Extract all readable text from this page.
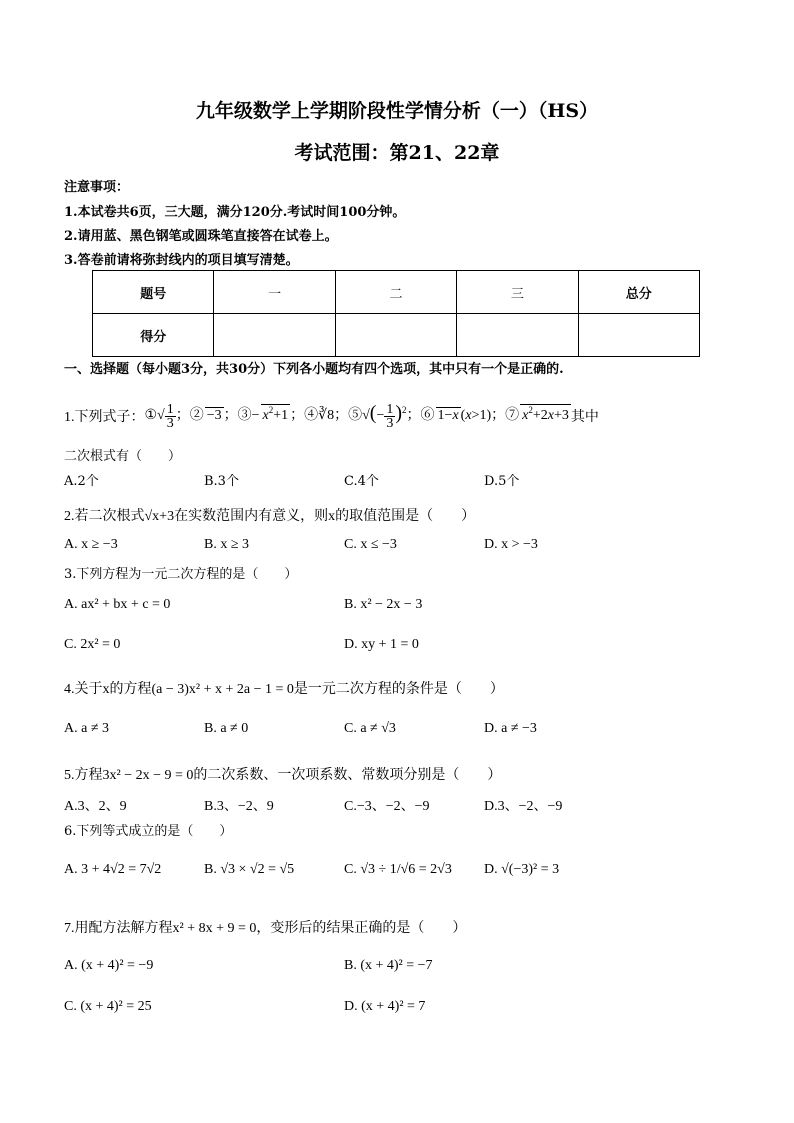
九年级数学上学期阶段性学情分析（一）（HS）
考试范围：第21、22章
注意事项：
1.本试卷共6页，三大题，满分120分.考试时间100分钟。
2.请用蓝、黑色钢笔或圆珠笔直接答在试卷上。
3.答卷前请将弥封线内的项目填写清楚。
题号	一	二	三	总分
得分				
一、选择题（每小题3分，共30分）下列各小题均有四个选项，其中只有一个是正确的.
1.下列式子： ①√ $\frac{1}{3}$ ；② −3 ；③− $x^2+1$ ；④∛8；⑤√(− $\frac{1}{3} )^2$；⑥ 1−x (x>1)；⑦ $x^2+2x+3$ 其中
二次根式有（　　）
A.2个	B.3个	C.4个	D.5个
2.若二次根式√x+3在实数范围内有意义，则x的取值范围是（　　）
A. x ≥ −3	B. x ≥ 3	C. x ≤ −3	D. x > −3
3.下列方程为一元二次方程的是（　　）
A. ax² + bx + c = 0	B. x² − 2x − 3
C. 2x² = 0	D. xy + 1 = 0
4.关于x的方程(a − 3)x² + x + 2a − 1 = 0是一元二次方程的条件是（　　）
A. a ≠ 3	B. a ≠ 0	C. a ≠ √3	D. a ≠ −3
5.方程3x² − 2x − 9 = 0的二次系数、一次项系数、常数项分别是（　　）
A.3、2、9	B.3、−2、9	C.−3、−2、−9	D.3、−2、−9
6.下列等式成立的是（　　）
A. 3 + 4√2 = 7√2	B. √3 × √2 = √5	C. √3 ÷ 1/√6 = 2√3 D. √(−3)² = 3
7.用配方法解方程x² + 8x + 9 = 0，变形后的结果正确的是（　　）
A. (x + 4)² = −9	B. (x + 4)² = −7
C. (x + 4)² = 25	D. (x + 4)² = 7
